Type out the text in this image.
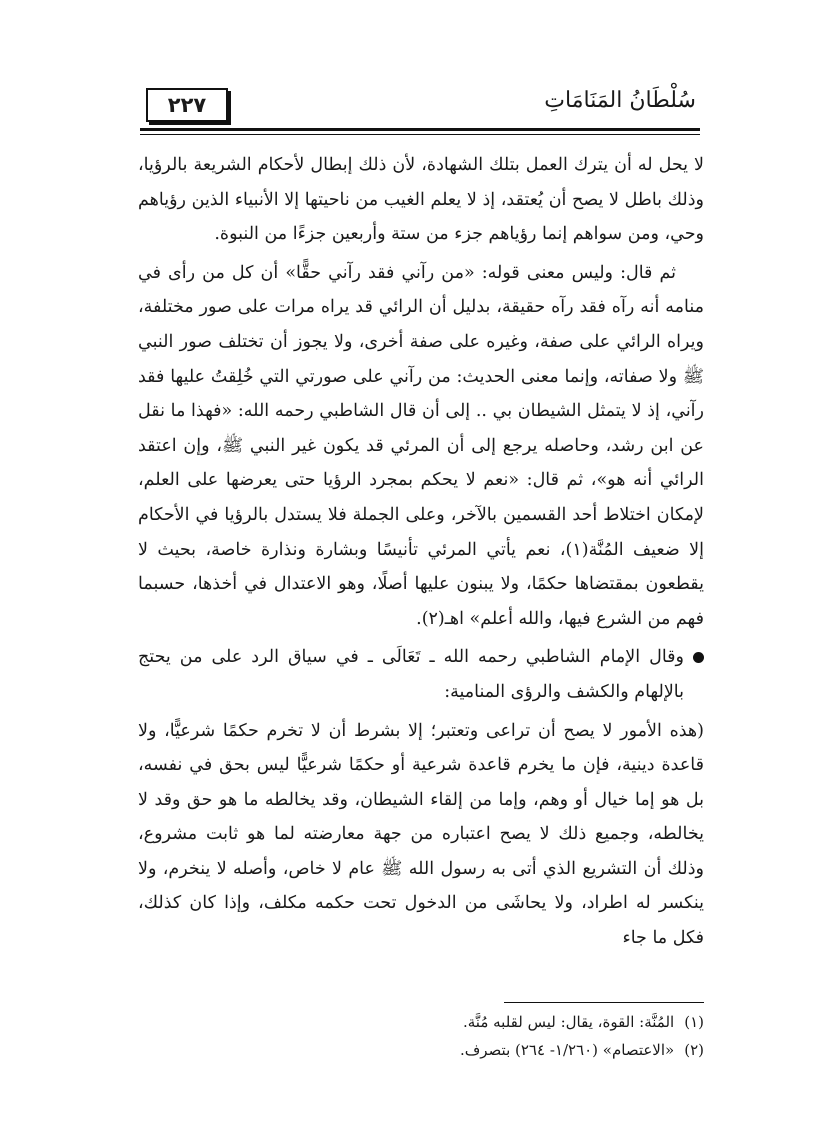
٢٢٧	سُلْطَانُ المَنَامَاتِ

لا يحل له أن يترك العمل بتلك الشهادة، لأن ذلك إبطال لأحكام الشريعة بالرؤيا، وذلك باطل لا يصح أن يُعتقد، إذ لا يعلم الغيب من ناحيتها إلا الأنبياء الذين رؤياهم وحي، ومن سواهم إنما رؤياهم جزء من ستة وأربعين جزءًا من النبوة.

ثم قال: وليس معنى قوله: «من رآني فقد رآني حقًّا» أن كل من رأى في منامه أنه رآه فقد رآه حقيقة، بدليل أن الرائي قد يراه مرات على صور مختلفة، ويراه الرائي على صفة، وغيره على صفة أخرى، ولا يجوز أن تختلف صور النبي ﷺ ولا صفاته، وإنما معنى الحديث: من رآني على صورتي التي خُلِقتُ عليها فقد رآني، إذ لا يتمثل الشيطان بي .. إلى أن قال الشاطبي رحمه الله: «فهذا ما نقل عن ابن رشد، وحاصله يرجع إلى أن المرئي قد يكون غير النبي ﷺ، وإن اعتقد الرائي أنه هو»، ثم قال: «نعم لا يحكم بمجرد الرؤيا حتى يعرضها على العلم، لإمكان اختلاط أحد القسمين بالآخر، وعلى الجملة فلا يستدل بالرؤيا في الأحكام إلا ضعيف المُنَّة(١)، نعم يأتي المرئي تأنيسًا وبشارة ونذارة خاصة، بحيث لا يقطعون بمقتضاها حكمًا، ولا يبنون عليها أصلًا، وهو الاعتدال في أخذها، حسبما فهم من الشرع فيها، والله أعلم» اهـ(٢).

وقال الإمام الشاطبي رحمه الله ـ تَعَالَى ـ في سياق الرد على من يحتج بالإلهام والكشف والرؤى المنامية:

(هذه الأمور لا يصح أن تراعى وتعتبر؛ إلا بشرط أن لا تخرم حكمًا شرعيًّا، ولا قاعدة دينية، فإن ما يخرم قاعدة شرعية أو حكمًا شرعيًّا ليس بحق في نفسه، بل هو إما خيال أو وهم، وإما من إلقاء الشيطان، وقد يخالطه ما هو حق وقد لا يخالطه، وجميع ذلك لا يصح اعتباره من جهة معارضته لما هو ثابت مشروع، وذلك أن التشريع الذي أتى به رسول الله ﷺ عام لا خاص، وأصله لا ينخرم، ولا ينكسر له اطراد، ولا يحاشَى من الدخول تحت حكمه مكلف، وإذا كان كذلك، فكل ما جاء

(١)المُنَّة: القوة، يقال: ليس لقلبه مُنَّة.

(٢)«الاعتصام» (١/٢٦٠- ٢٦٤) بتصرف.
